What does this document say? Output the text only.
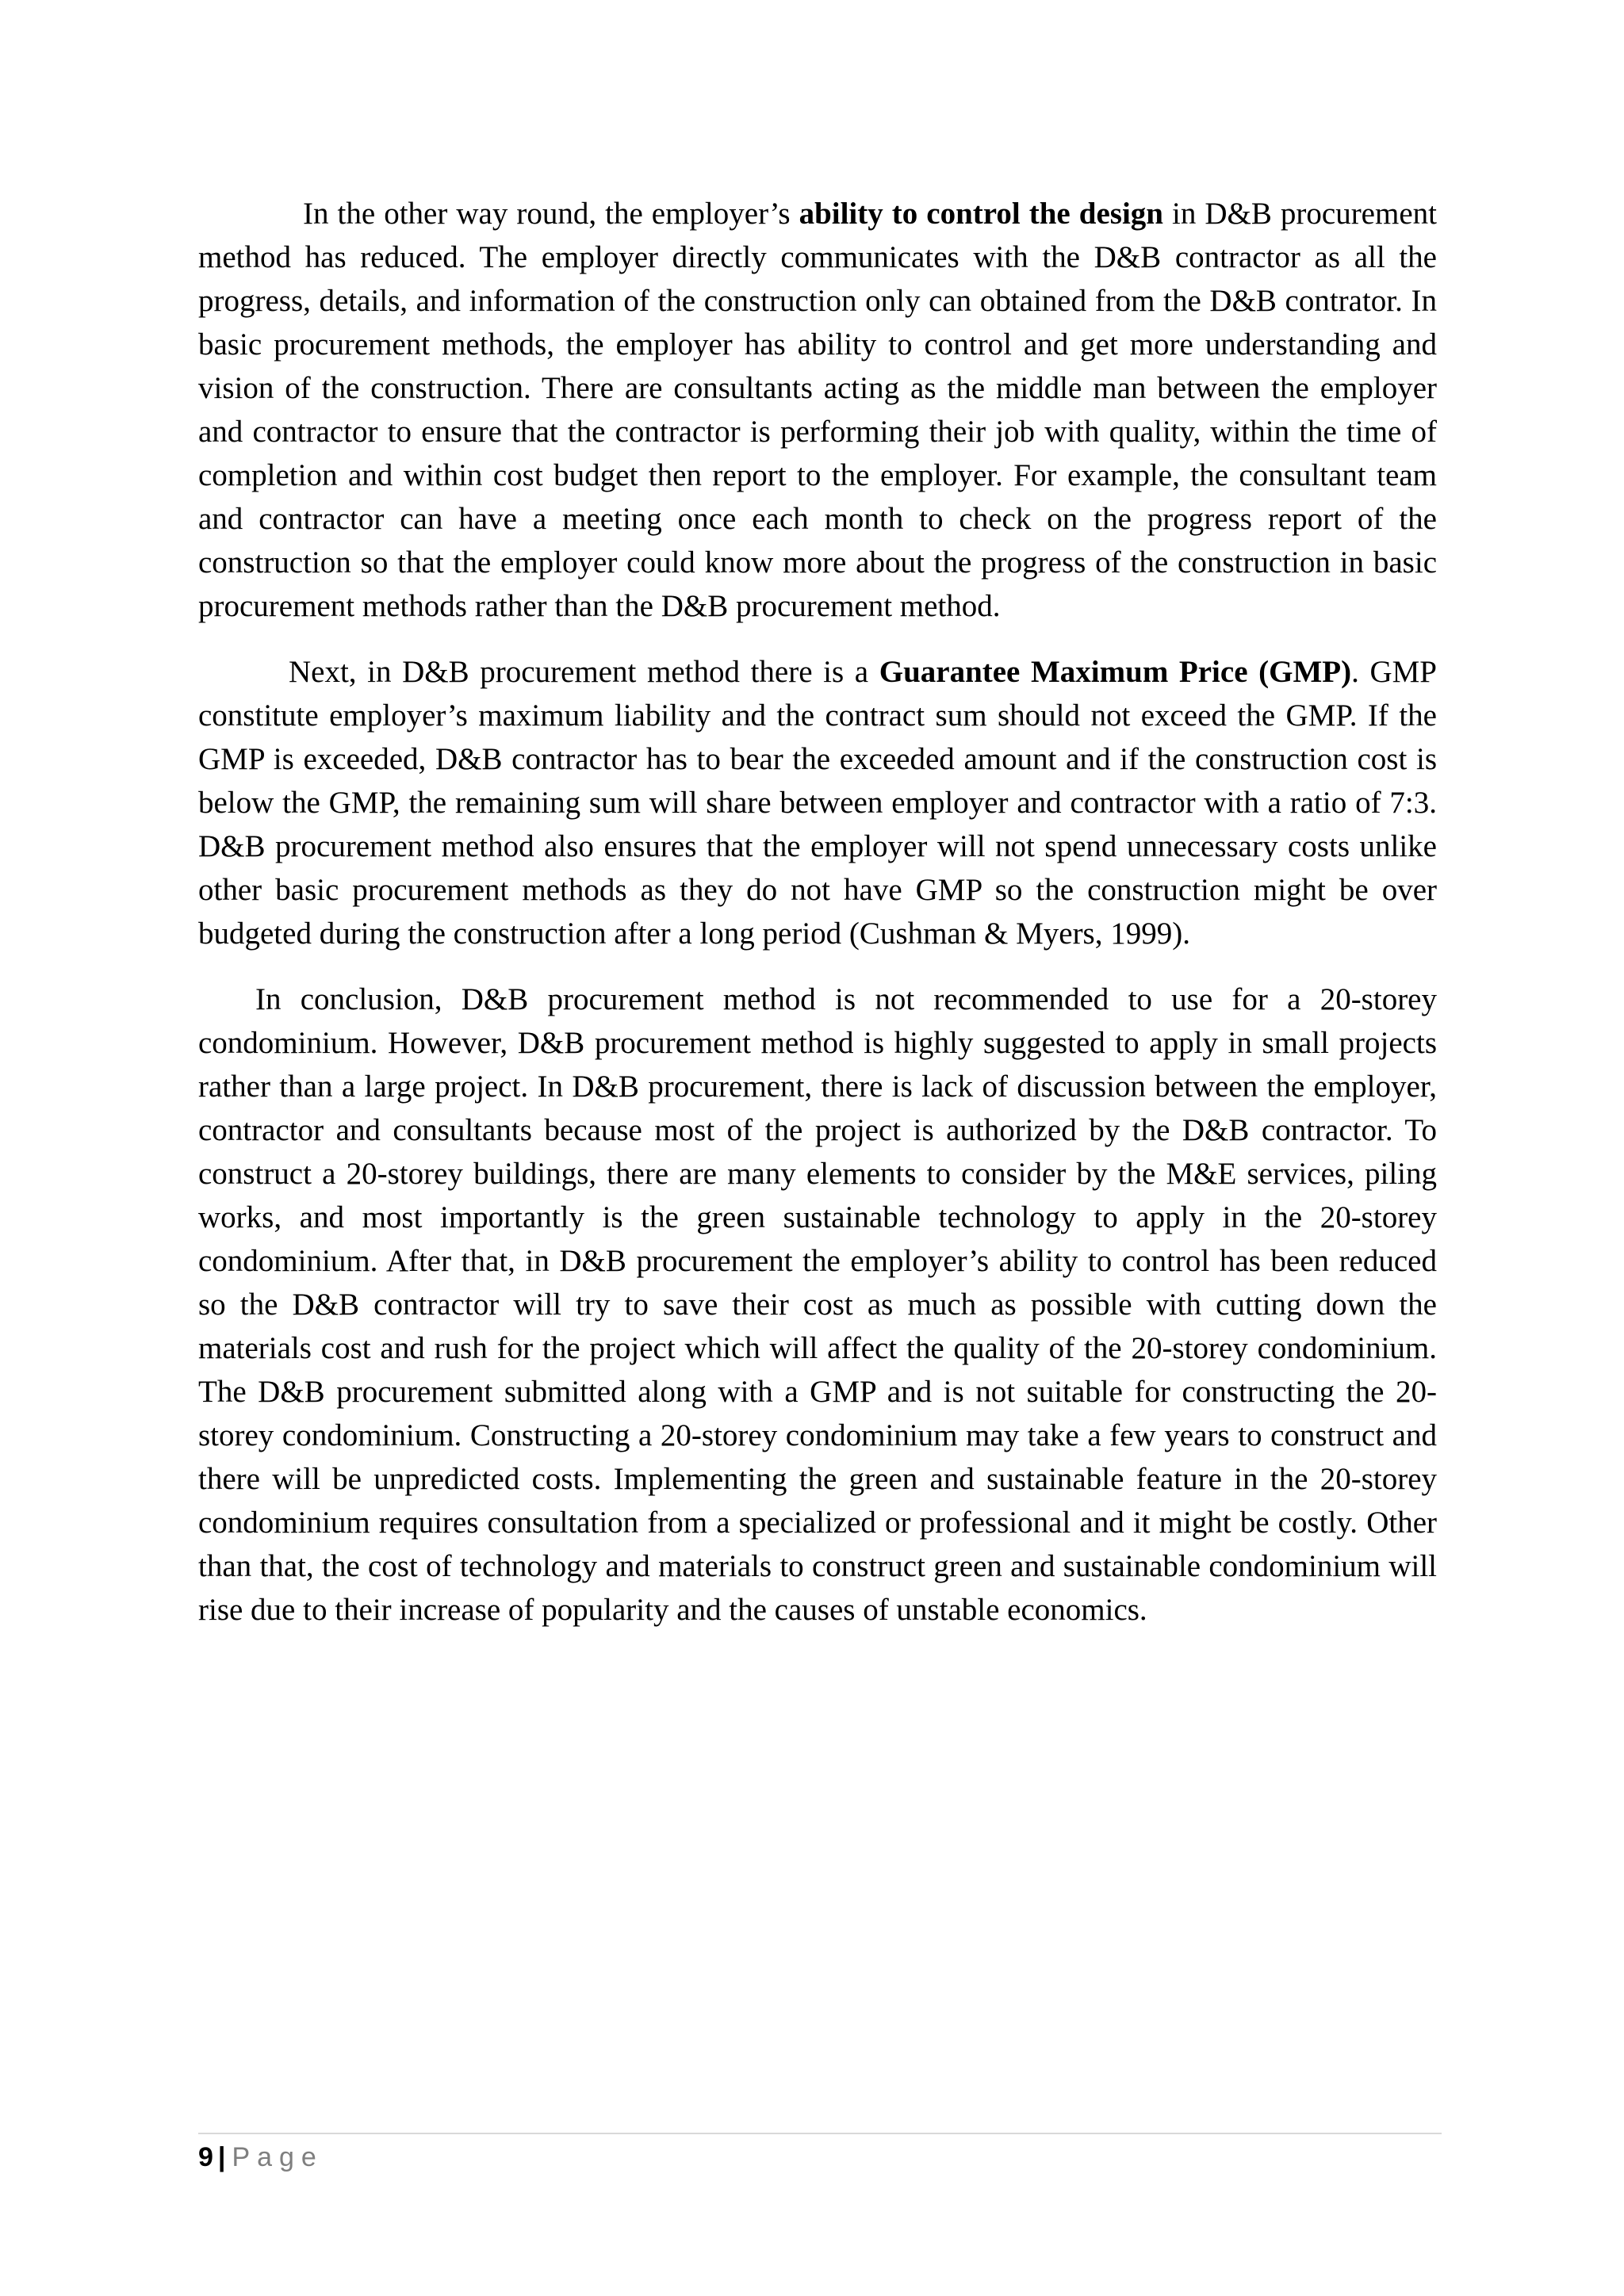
In the other way round, the employer’s ability to control the design in D&B procurement method has reduced. The employer directly communicates with the D&B contractor as all the progress, details, and information of the construction only can obtained from the D&B contrator. In basic procurement methods, the employer has ability to control and get more understanding and vision of the construction. There are consultants acting as the middle man between the employer and contractor to ensure that the contractor is performing their job with quality, within the time of completion and within cost budget then report to the employer. For example, the consultant team and contractor can have a meeting once each month to check on the progress report of the construction so that the employer could know more about the progress of the construction in basic procurement methods rather than the D&B procurement method.

Next, in D&B procurement method there is a Guarantee Maximum Price (GMP). GMP constitute employer’s maximum liability and the contract sum should not exceed the GMP. If the GMP is exceeded, D&B contractor has to bear the exceeded amount and if the construction cost is below the GMP, the remaining sum will share between employer and contractor with a ratio of 7:3. D&B procurement method also ensures that the employer will not spend unnecessary costs unlike other basic procurement methods as they do not have GMP so the construction might be over budgeted during the construction after a long period (Cushman & Myers, 1999).

In conclusion, D&B procurement method is not recommended to use for a 20-storey condominium. However, D&B procurement method is highly suggested to apply in small projects rather than a large project. In D&B procurement, there is lack of discussion between the employer, contractor and consultants because most of the project is authorized by the D&B contractor. To construct a 20-storey buildings, there are many elements to consider by the M&E services, piling works, and most importantly is the green sustainable technology to apply in the 20-storey condominium. After that, in D&B procurement the employer’s ability to control has been reduced so the D&B contractor will try to save their cost as much as possible with cutting down the materials cost and rush for the project which will affect the quality of the 20-storey condominium. The D&B procurement submitted along with a GMP and is not suitable for constructing the 20-storey condominium. Constructing a 20-storey condominium may take a few years to construct and there will be unpredicted costs. Implementing the green and sustainable feature in the 20-storey condominium requires consultation from a specialized or professional and it might be costly. Other than that, the cost of technology and materials to construct green and sustainable condominium will rise due to their increase of popularity and the causes of unstable economics.

9 | Page
